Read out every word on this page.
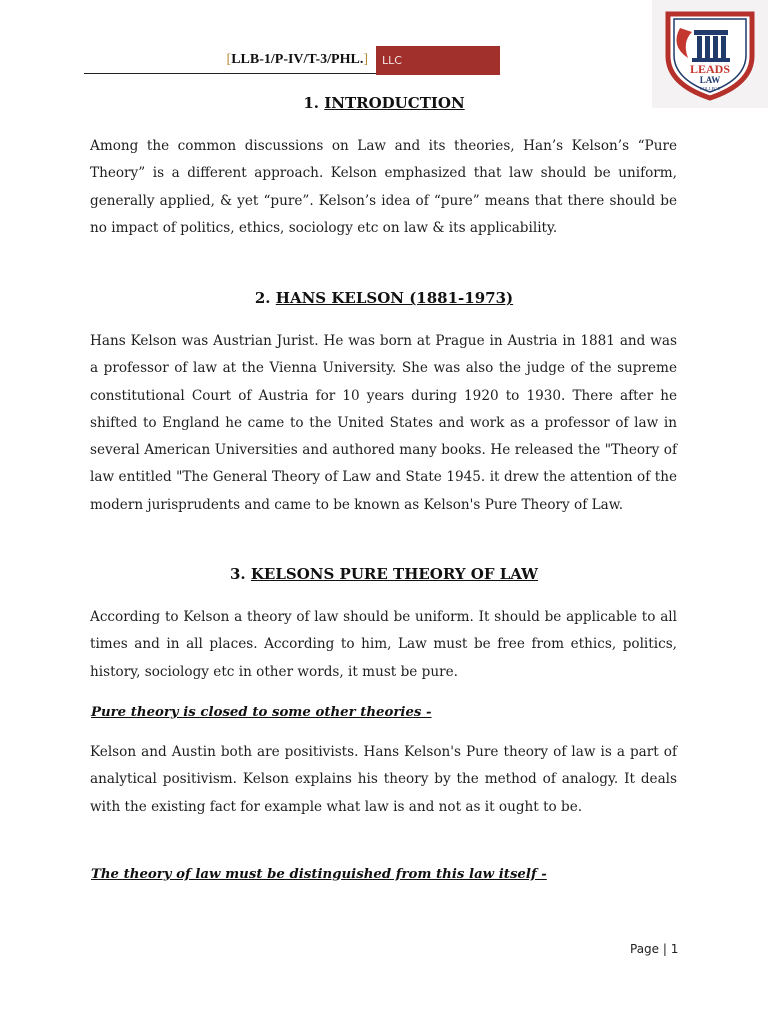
[ LLB-1/P-IV/T-3/PHL. ]	LLC
LEADS
LAW
COLLEGE
1. INTRODUCTION

Among the common discussions on Law and its theories, Han’s Kelson’s “Pure Theory” is a different approach. Kelson emphasized that law should be uniform, generally applied, & yet “pure”. Kelson’s idea of “pure” means that there should be no impact of politics, ethics, sociology etc on law & its applicability.

2. HANS KELSON (1881-1973)

Hans Kelson was Austrian Jurist. He was born at Prague in Austria in 1881 and was a professor of law at the Vienna University. She was also the judge of the supreme constitutional Court of Austria for 10 years during 1920 to 1930. There after he shifted to England he came to the United States and work as a professor of law in several American Universities and authored many books. He released the "Theory of law entitled "The General Theory of Law and State 1945. it drew the attention of the modern jurisprudents and came to be known as Kelson's Pure Theory of Law.

3. KELSONS PURE THEORY OF LAW

According to Kelson a theory of law should be uniform. It should be applicable to all times and in all places. According to him, Law must be free from ethics, politics, history, sociology etc in other words, it must be pure.

Pure theory is closed to some other theories -

Kelson and Austin both are positivists. Hans Kelson's Pure theory of law is a part of analytical positivism. Kelson explains his theory by the method of analogy. It deals with the existing fact for example what law is and not as it ought to be.

The theory of law must be distinguished from this law itself -
Page | 1
